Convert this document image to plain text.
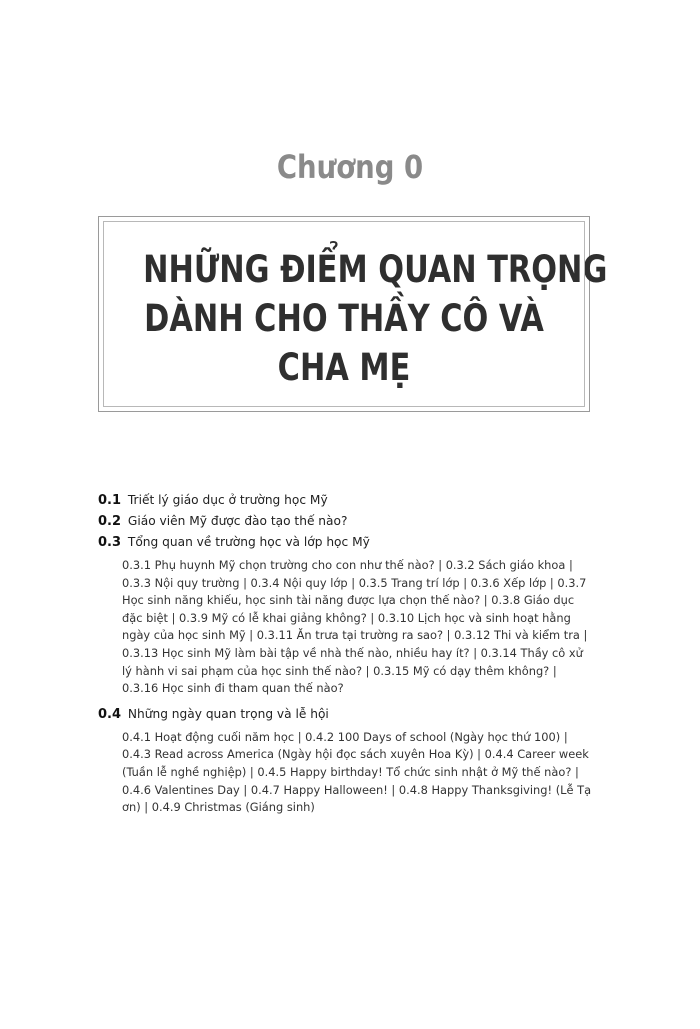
Chương 0
NHỮNG ĐIỂM QUAN TRỌNG
DÀNH CHO THẦY CÔ VÀ
CHA MẸ
0.1 Triết lý giáo dục ở trường học Mỹ
0.2 Giáo viên Mỹ được đào tạo thế nào?
0.3 Tổng quan về trường học và lớp học Mỹ
0.3.1 Phụ huynh Mỹ chọn trường cho con như thế nào? | 0.3.2 Sách giáo khoa | 0.3.3 Nội quy trường | 0.3.4 Nội quy lớp | 0.3.5 Trang trí lớp | 0.3.6 Xếp lớp | 0.3.7 Học sinh năng khiếu, học sinh tài năng được lựa chọn thế nào? | 0.3.8 Giáo dục đặc biệt | 0.3.9 Mỹ có lễ khai giảng không? | 0.3.10 Lịch học và sinh hoạt hằng ngày của học sinh Mỹ | 0.3.11 Ăn trưa tại trường ra sao? | 0.3.12 Thi và kiểm tra | 0.3.13 Học sinh Mỹ làm bài tập về nhà thế nào, nhiều hay ít? | 0.3.14 Thầy cô xử lý hành vi sai phạm của học sinh thế nào? | 0.3.15 Mỹ có dạy thêm không? | 0.3.16 Học sinh đi tham quan thế nào?
0.4 Những ngày quan trọng và lễ hội
0.4.1 Hoạt động cuối năm học | 0.4.2 100 Days of school (Ngày học thứ 100) | 0.4.3 Read across America (Ngày hội đọc sách xuyên Hoa Kỳ) | 0.4.4 Career week (Tuần lễ nghề nghiệp) | 0.4.5 Happy birthday! Tổ chức sinh nhật ở Mỹ thế nào? | 0.4.6 Valentines Day | 0.4.7 Happy Halloween! | 0.4.8 Happy Thanksgiving! (Lễ Tạ ơn) | 0.4.9 Christmas (Giáng sinh)
